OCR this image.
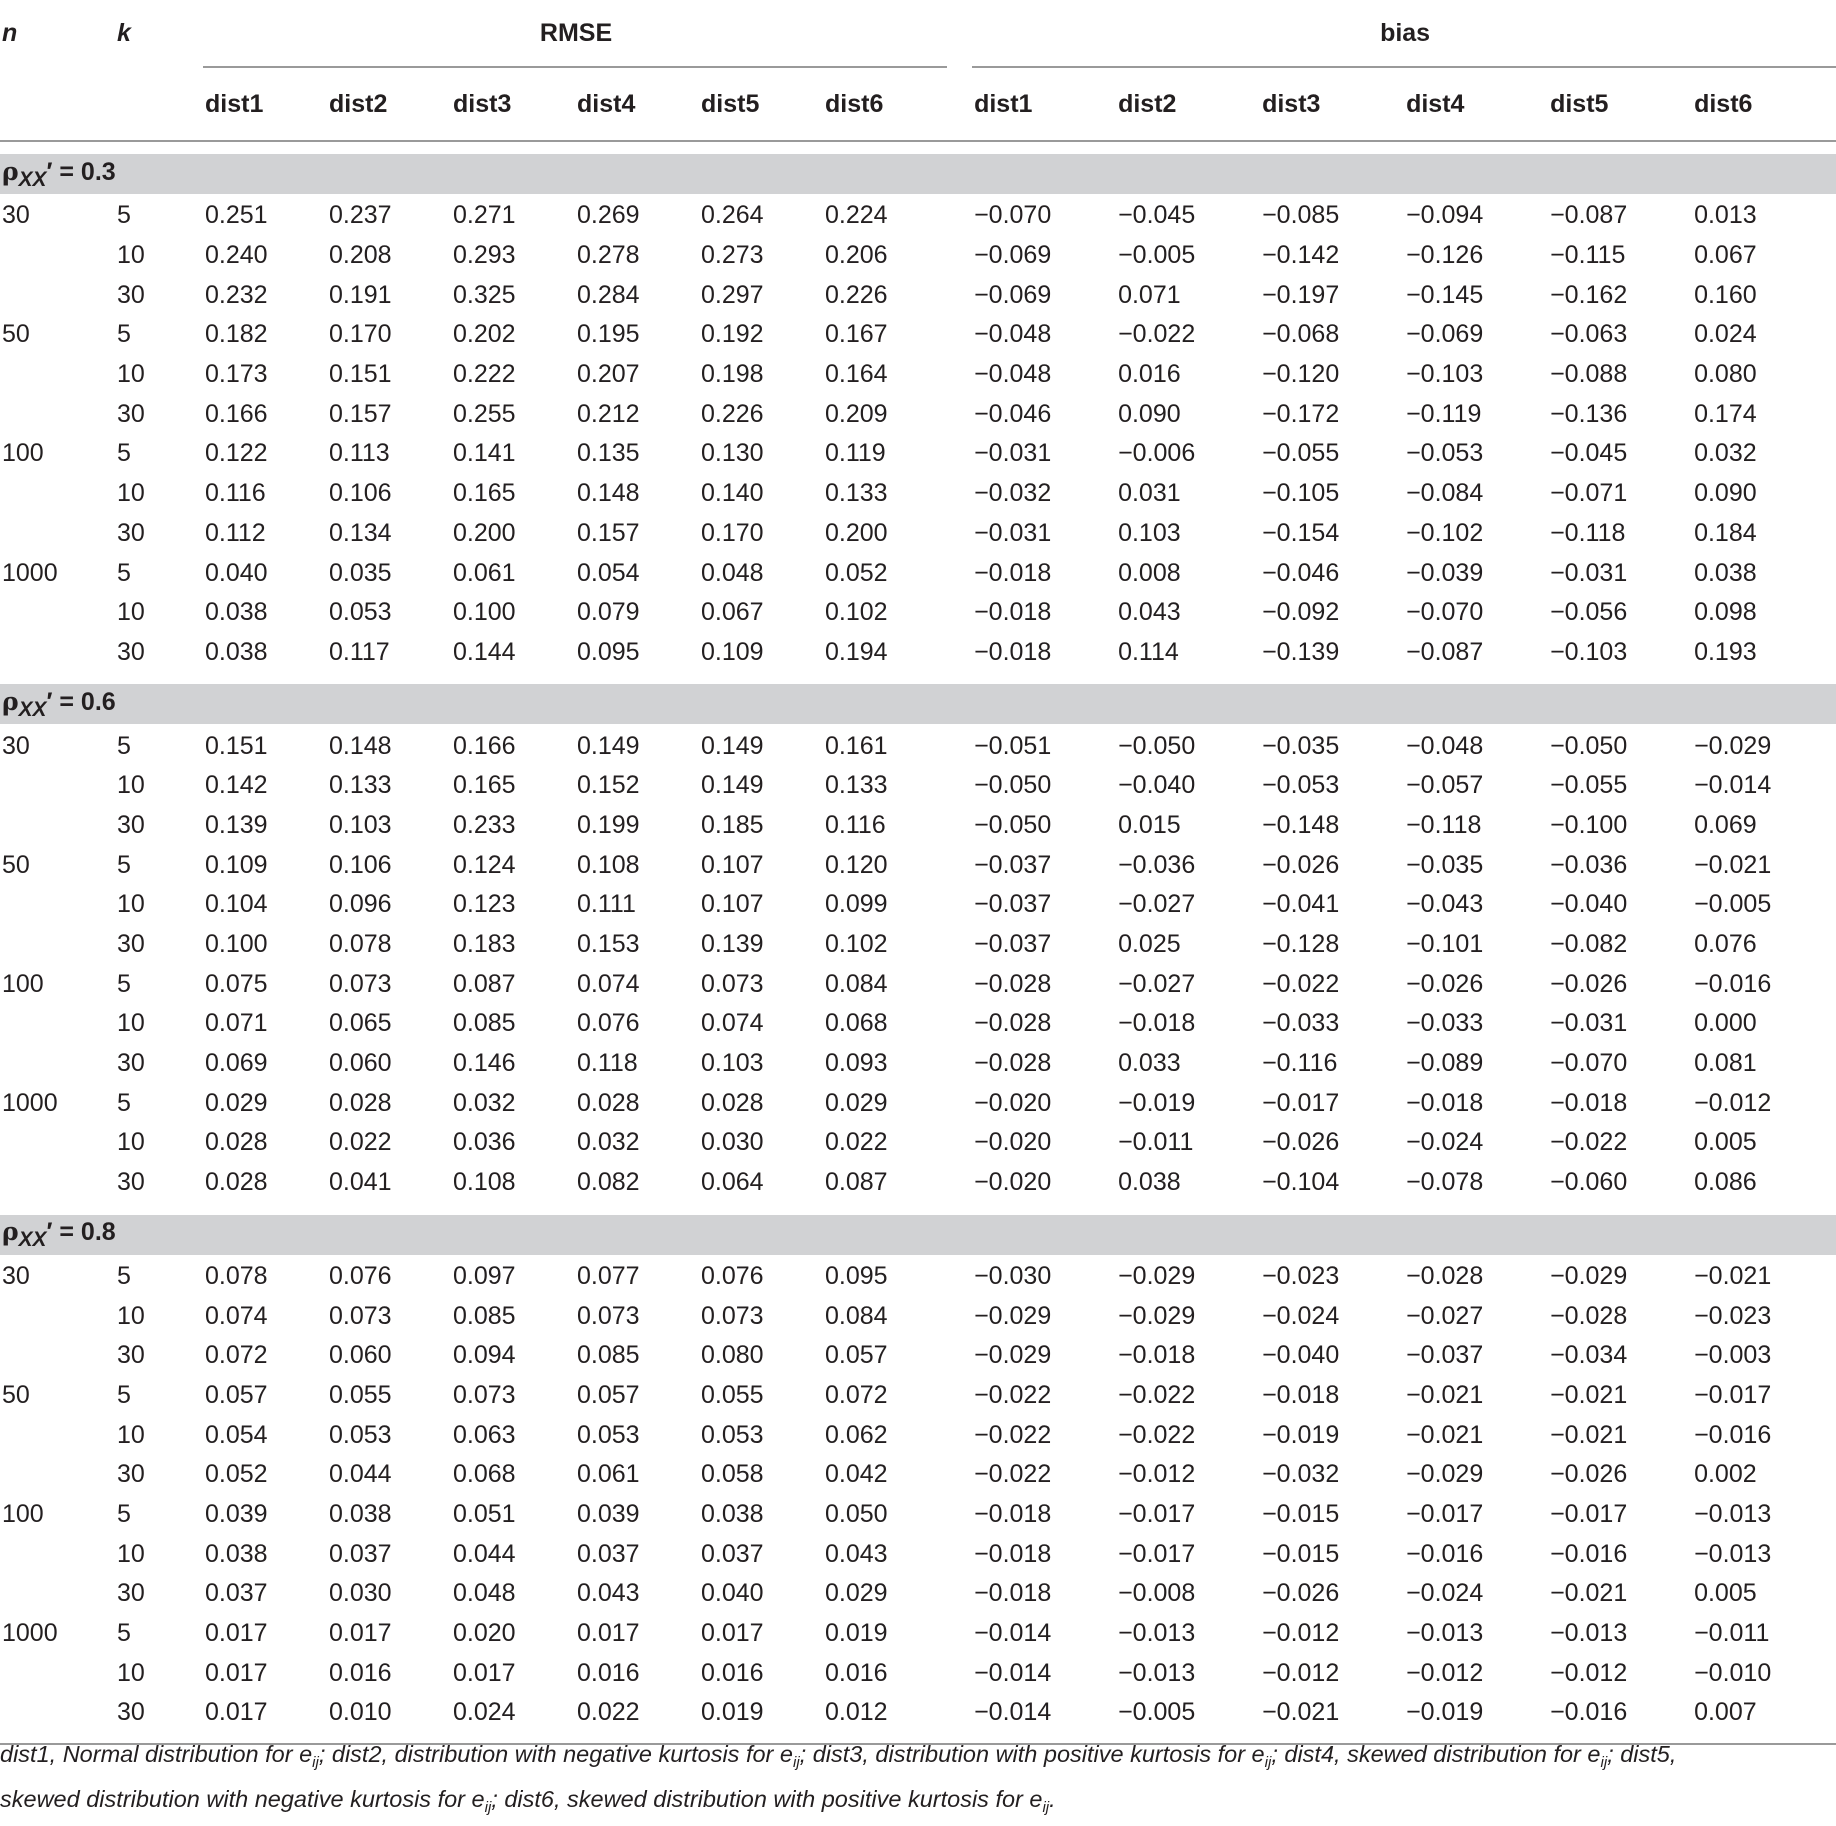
n	k	RMSE							bias					
		dist1	dist2	dist3	dist4	dist5	dist6		dist1	dist2	dist3	dist4	dist5	dist6

$\rho_{XX}' = 0.3$														

30	5	0.251	0.237	0.271	0.269	0.264	0.224		−0.070	−0.045	−0.085	−0.094	−0.087	0.013
	10	0.240	0.208	0.293	0.278	0.273	0.206		−0.069	−0.005	−0.142	−0.126	−0.115	0.067
	30	0.232	0.191	0.325	0.284	0.297	0.226		−0.069	0.071	−0.197	−0.145	−0.162	0.160
50	5	0.182	0.170	0.202	0.195	0.192	0.167		−0.048	−0.022	−0.068	−0.069	−0.063	0.024
	10	0.173	0.151	0.222	0.207	0.198	0.164		−0.048	0.016	−0.120	−0.103	−0.088	0.080
	30	0.166	0.157	0.255	0.212	0.226	0.209		−0.046	0.090	−0.172	−0.119	−0.136	0.174
100	5	0.122	0.113	0.141	0.135	0.130	0.119		−0.031	−0.006	−0.055	−0.053	−0.045	0.032
	10	0.116	0.106	0.165	0.148	0.140	0.133		−0.032	0.031	−0.105	−0.084	−0.071	0.090
	30	0.112	0.134	0.200	0.157	0.170	0.200		−0.031	0.103	−0.154	−0.102	−0.118	0.184
1000	5	0.040	0.035	0.061	0.054	0.048	0.052		−0.018	0.008	−0.046	−0.039	−0.031	0.038
	10	0.038	0.053	0.100	0.079	0.067	0.102		−0.018	0.043	−0.092	−0.070	−0.056	0.098
	30	0.038	0.117	0.144	0.095	0.109	0.194		−0.018	0.114	−0.139	−0.087	−0.103	0.193

$\rho_{XX}' = 0.6$														

30	5	0.151	0.148	0.166	0.149	0.149	0.161		−0.051	−0.050	−0.035	−0.048	−0.050	−0.029
	10	0.142	0.133	0.165	0.152	0.149	0.133		−0.050	−0.040	−0.053	−0.057	−0.055	−0.014
	30	0.139	0.103	0.233	0.199	0.185	0.116		−0.050	0.015	−0.148	−0.118	−0.100	0.069
50	5	0.109	0.106	0.124	0.108	0.107	0.120		−0.037	−0.036	−0.026	−0.035	−0.036	−0.021
	10	0.104	0.096	0.123	0.111	0.107	0.099		−0.037	−0.027	−0.041	−0.043	−0.040	−0.005
	30	0.100	0.078	0.183	0.153	0.139	0.102		−0.037	0.025	−0.128	−0.101	−0.082	0.076
100	5	0.075	0.073	0.087	0.074	0.073	0.084		−0.028	−0.027	−0.022	−0.026	−0.026	−0.016
	10	0.071	0.065	0.085	0.076	0.074	0.068		−0.028	−0.018	−0.033	−0.033	−0.031	0.000
	30	0.069	0.060	0.146	0.118	0.103	0.093		−0.028	0.033	−0.116	−0.089	−0.070	0.081
1000	5	0.029	0.028	0.032	0.028	0.028	0.029		−0.020	−0.019	−0.017	−0.018	−0.018	−0.012
	10	0.028	0.022	0.036	0.032	0.030	0.022		−0.020	−0.011	−0.026	−0.024	−0.022	0.005
	30	0.028	0.041	0.108	0.082	0.064	0.087		−0.020	0.038	−0.104	−0.078	−0.060	0.086

$\rho_{XX}' = 0.8$														

30	5	0.078	0.076	0.097	0.077	0.076	0.095		−0.030	−0.029	−0.023	−0.028	−0.029	−0.021
	10	0.074	0.073	0.085	0.073	0.073	0.084		−0.029	−0.029	−0.024	−0.027	−0.028	−0.023
	30	0.072	0.060	0.094	0.085	0.080	0.057		−0.029	−0.018	−0.040	−0.037	−0.034	−0.003
50	5	0.057	0.055	0.073	0.057	0.055	0.072		−0.022	−0.022	−0.018	−0.021	−0.021	−0.017
	10	0.054	0.053	0.063	0.053	0.053	0.062		−0.022	−0.022	−0.019	−0.021	−0.021	−0.016
	30	0.052	0.044	0.068	0.061	0.058	0.042		−0.022	−0.012	−0.032	−0.029	−0.026	0.002
100	5	0.039	0.038	0.051	0.039	0.038	0.050		−0.018	−0.017	−0.015	−0.017	−0.017	−0.013
	10	0.038	0.037	0.044	0.037	0.037	0.043		−0.018	−0.017	−0.015	−0.016	−0.016	−0.013
	30	0.037	0.030	0.048	0.043	0.040	0.029		−0.018	−0.008	−0.026	−0.024	−0.021	0.005
1000	5	0.017	0.017	0.020	0.017	0.017	0.019		−0.014	−0.013	−0.012	−0.013	−0.013	−0.011
	10	0.017	0.016	0.017	0.016	0.016	0.016		−0.014	−0.013	−0.012	−0.012	−0.012	−0.010
	30	0.017	0.010	0.024	0.022	0.019	0.012		−0.014	−0.005	−0.021	−0.019	−0.016	0.007

dist1, Normal distribution for $e_{ij}$; dist2, distribution with negative kurtosis for $e_{ij}$; dist3, distribution with positive kurtosis for $e_{ij}$; dist4, skewed distribution for $e_{ij}$; dist5, skewed distribution with negative kurtosis for $e_{ij}$; dist6, skewed distribution with positive kurtosis for $e_{ij}$.
